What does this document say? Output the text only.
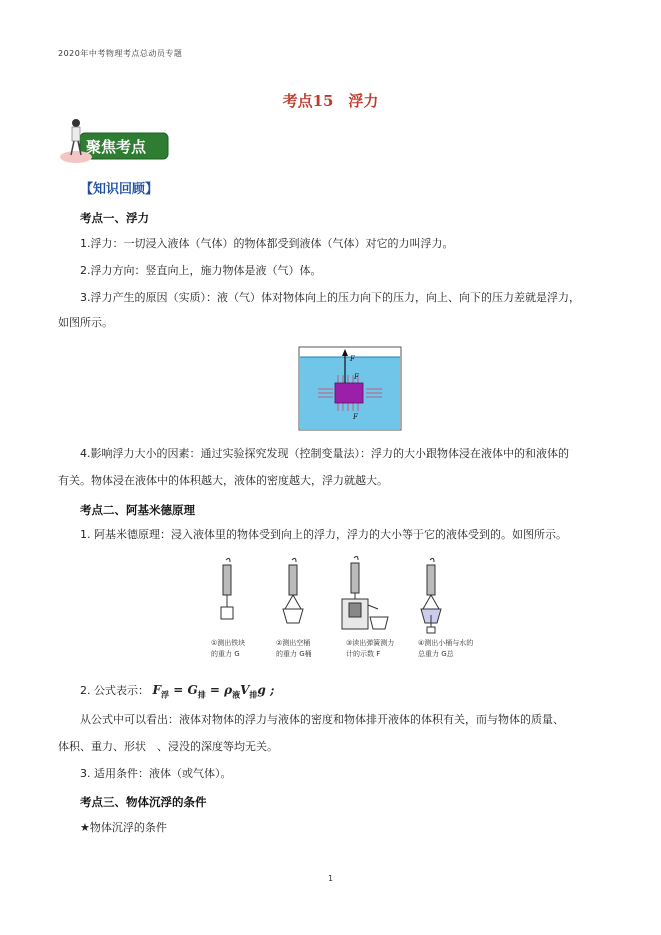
2020年中考物理考点总动员专题
考点15　浮力
聚焦考点
【知识回顾】
考点一、浮力
1.浮力：一切浸入液体（气体）的物体都受到液体（气体）对它的力叫浮力。
2.浮力方向：竖直向上，施力物体是液（气）体。
3.浮力产生的原因（实质）：液（气）体对物体向上的压力向下的压力，向上、向下的压力差就是浮力，
如图所示。
F
F
F
4.影响浮力大小的因素：通过实验探究发现（控制变量法）：浮力的大小跟物体浸在液体中的和液体的
有关。物体浸在液体中的体积越大，液体的密度越大，浮力就越大。
考点二、阿基米德原理
1. 阿基米德原理：浸入液体里的物体受到向上的浮力，浮力的大小等于它的液体受到的。如图所示。
①测出铁块
的重力 G
②测出空桶
的重力 G桶
③读出弹簧测力
计的示数 F
④测出小桶与水的
总重力 G总
2. 公式表示： $F_浮 = G_排 = \rho_液V_排g$ ;
从公式中可以看出：液体对物体的浮力与液体的密度和物体排开液体的体积有关，而与物体的质量、
体积、重力、形状　、浸没的深度等均无关。
3. 适用条件：液体（或气体）。
考点三、物体沉浮的条件
★物体沉浮的条件
1
